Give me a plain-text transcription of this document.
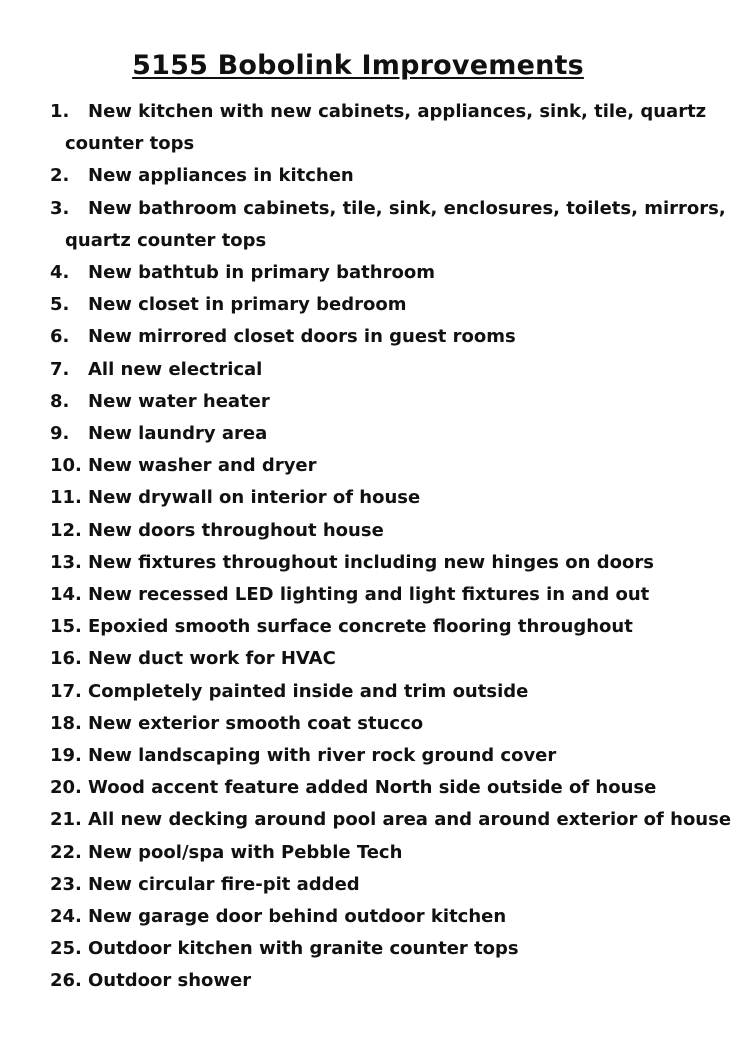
5155 Bobolink Improvements
1. New kitchen with new cabinets, appliances, sink, tile, quartz
counter tops
2. New appliances in kitchen
3. New bathroom cabinets, tile, sink, enclosures, toilets, mirrors,
quartz counter tops
4. New bathtub in primary bathroom
5. New closet in primary bedroom
6. New mirrored closet doors in guest rooms
7. All new electrical
8. New water heater
9. New laundry area
10. New washer and dryer
11. New drywall on interior of house
12. New doors throughout house
13. New fixtures throughout including new hinges on doors
14. New recessed LED lighting and light fixtures in and out
15. Epoxied smooth surface concrete flooring throughout
16. New duct work for HVAC
17. Completely painted inside and trim outside
18. New exterior smooth coat stucco
19. New landscaping with river rock ground cover
20. Wood accent feature added North side outside of house
21. All new decking around pool area and around exterior of house
22. New pool/spa with Pebble Tech
23. New circular fire-pit added
24. New garage door behind outdoor kitchen
25. Outdoor kitchen with granite counter tops
26. Outdoor shower
